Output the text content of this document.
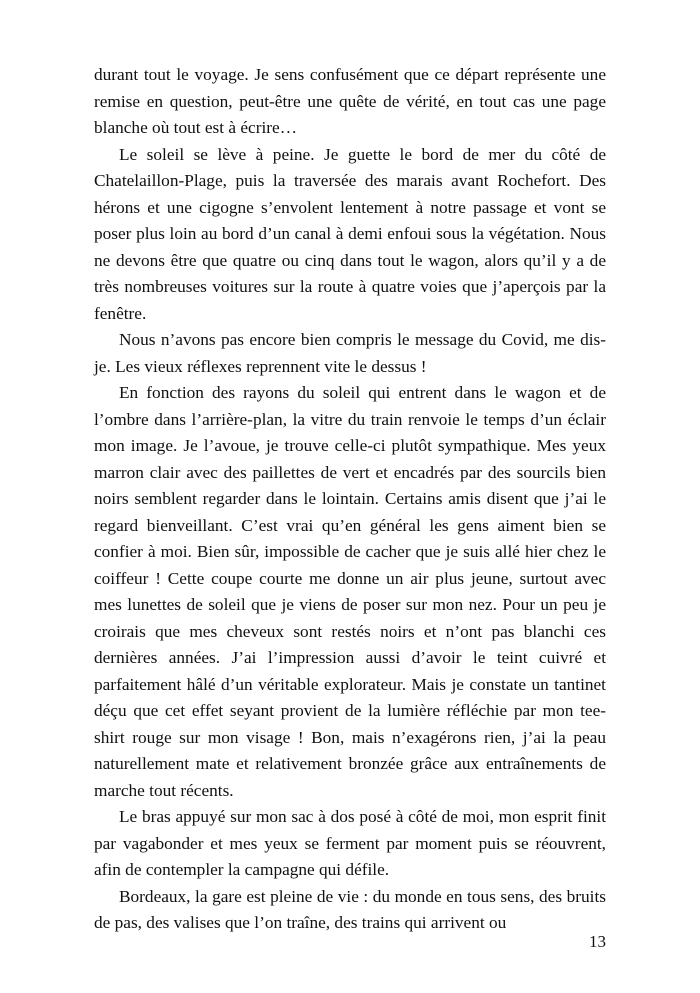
durant tout le voyage. Je sens confusément que ce départ représente une remise en question, peut-être une quête de vérité, en tout cas une page blanche où tout est à écrire…

Le soleil se lève à peine. Je guette le bord de mer du côté de Chatelaillon-Plage, puis la traversée des marais avant Rochefort. Des hérons et une cigogne s’envolent lentement à notre passage et vont se poser plus loin au bord d’un canal à demi enfoui sous la végétation. Nous ne devons être que quatre ou cinq dans tout le wagon, alors qu’il y a de très nombreuses voitures sur la route à quatre voies que j’aperçois par la fenêtre.

Nous n’avons pas encore bien compris le message du Covid, me dis-je. Les vieux réflexes reprennent vite le dessus !

En fonction des rayons du soleil qui entrent dans le wagon et de l’ombre dans l’arrière-plan, la vitre du train renvoie le temps d’un éclair mon image. Je l’avoue, je trouve celle-ci plutôt sympathique. Mes yeux marron clair avec des paillettes de vert et encadrés par des sourcils bien noirs semblent regarder dans le lointain. Certains amis disent que j’ai le regard bienveillant. C’est vrai qu’en général les gens aiment bien se confier à moi. Bien sûr, impossible de cacher que je suis allé hier chez le coiffeur ! Cette coupe courte me donne un air plus jeune, surtout avec mes lunettes de soleil que je viens de poser sur mon nez. Pour un peu je croirais que mes cheveux sont restés noirs et n’ont pas blanchi ces dernières années. J’ai l’impression aussi d’avoir le teint cuivré et parfaitement hâlé d’un véritable explorateur. Mais je constate un tantinet déçu que cet effet seyant provient de la lumière réfléchie par mon tee-shirt rouge sur mon visage ! Bon, mais n’exagérons rien, j’ai la peau naturellement mate et relativement bronzée grâce aux entraînements de marche tout récents.

Le bras appuyé sur mon sac à dos posé à côté de moi, mon esprit finit par vagabonder et mes yeux se ferment par moment puis se réouvrent, afin de contempler la campagne qui défile.

Bordeaux, la gare est pleine de vie : du monde en tous sens, des bruits de pas, des valises que l’on traîne, des trains qui arrivent ou

13
